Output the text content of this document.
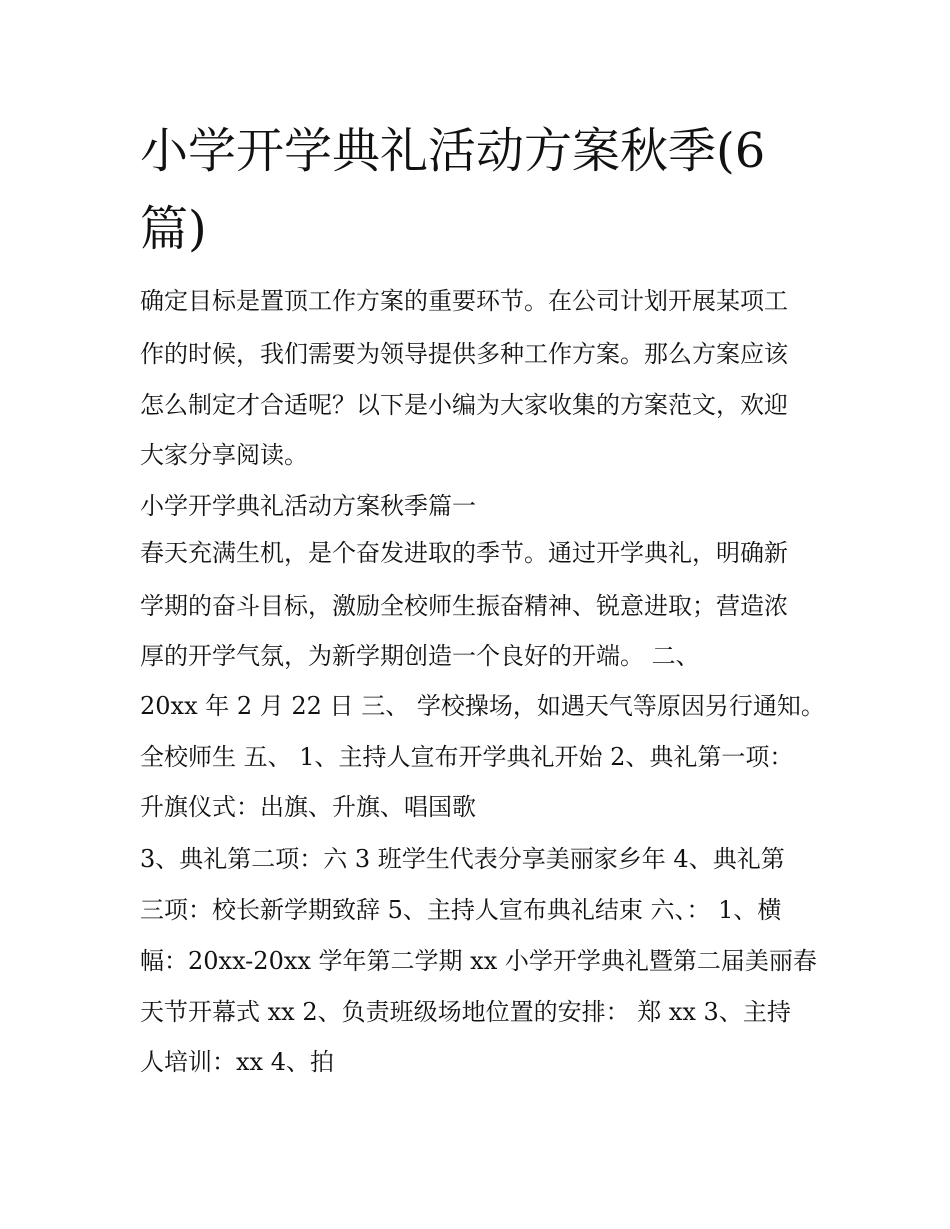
小学开学典礼活动方案秋季(6篇)

确定目标是置顶工作方案的重要环节。在公司计划开展某项工

作的时候，我们需要为领导提供多种工作方案。那么方案应该

怎么制定才合适呢？以下是小编为大家收集的方案范文，欢迎

大家分享阅读。

小学开学典礼活动方案秋季篇一

春天充满生机，是个奋发进取的季节。通过开学典礼，明确新

学期的奋斗目标，激励全校师生振奋精神、锐意进取；营造浓

厚的开学气氛，为新学期创造一个良好的开端。 二、

20xx 年 2 月 22 日 三、 学校操场，如遇天气等原因另行通知。

全校师生 五、 1、主持人宣布开学典礼开始 2、典礼第一项：

升旗仪式：出旗、升旗、唱国歌

3、典礼第二项：六 3 班学生代表分享美丽家乡年 4、典礼第

三项：校长新学期致辞 5、主持人宣布典礼结束 六、： 1、横

幅：20xx-20xx 学年第二学期 xx 小学开学典礼暨第二届美丽春

天节开幕式 xx 2、负责班级场地位置的安排： 郑 xx 3、主持

人培训：xx 4、拍
